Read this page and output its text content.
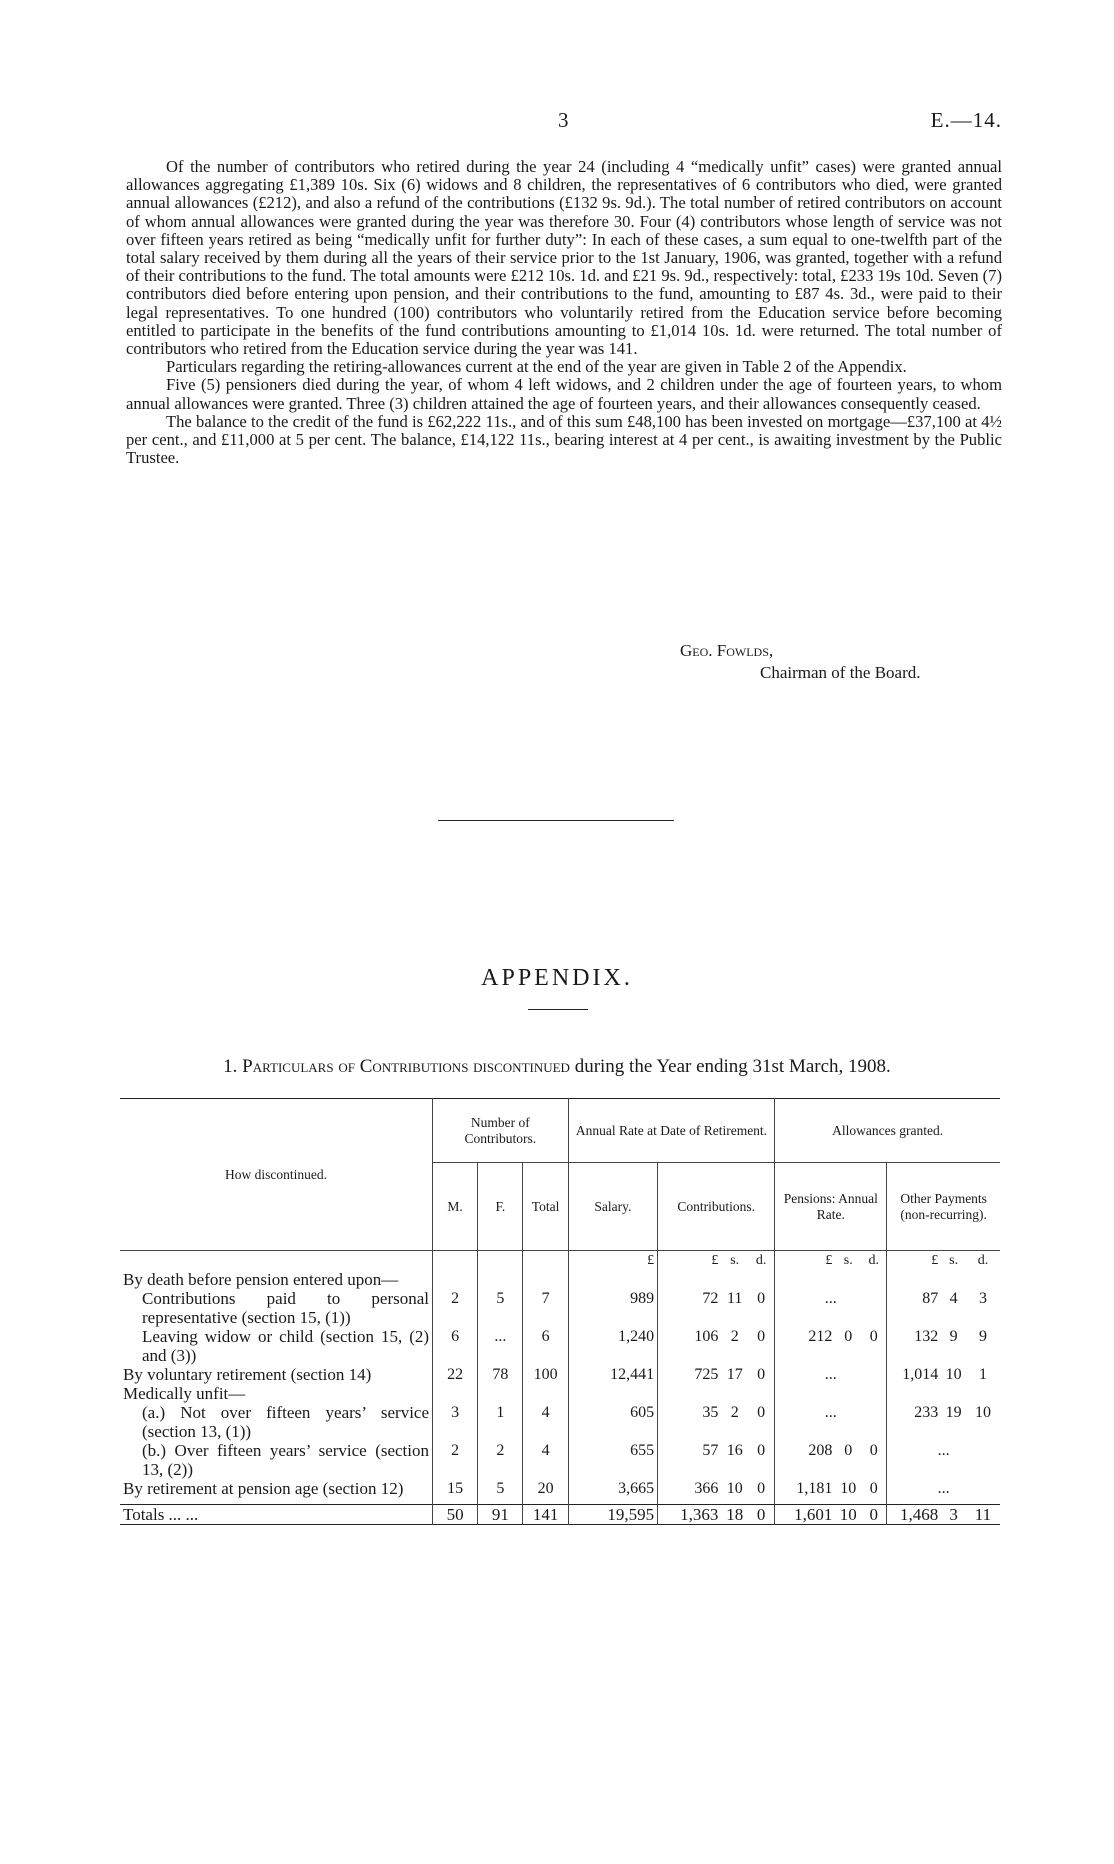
3	E.—14.

Of the number of contributors who retired during the year 24 (including 4 “medically unfit” cases) were granted annual allowances aggregating £1,389 10s. Six (6) widows and 8 children, the representatives of 6 contributors who died, were granted annual allowances (£212), and also a refund of the contributions (£132 9s. 9d.). The total number of retired contributors on account of whom annual allowances were granted during the year was therefore 30. Four (4) contributors whose length of service was not over fifteen years retired as being “medically unfit for further duty”: In each of these cases, a sum equal to one-twelfth part of the total salary received by them during all the years of their service prior to the 1st January, 1906, was granted, together with a refund of their contributions to the fund. The total amounts were £212 10s. 1d. and £21 9s. 9d., respectively: total, £233 19s 10d. Seven (7) contributors died before entering upon pension, and their contributions to the fund, amounting to £87 4s. 3d., were paid to their legal representatives. To one hundred (100) contributors who voluntarily retired from the Education service before becoming entitled to participate in the benefits of the fund contributions amounting to £1,014 10s. 1d. were returned. The total number of contributors who retired from the Education service during the year was 141.

Particulars regarding the retiring-allowances current at the end of the year are given in Table 2 of the Appendix.

Five (5) pensioners died during the year, of whom 4 left widows, and 2 children under the age of fourteen years, to whom annual allowances were granted. Three (3) children attained the age of fourteen years, and their allowances consequently ceased.

The balance to the credit of the fund is £62,222 11s., and of this sum £48,100 has been invested on mortgage—£37,100 at 4½ per cent., and £11,000 at 5 per cent. The balance, £14,122 11s., bearing interest at 4 per cent., is awaiting investment by the Public Trustee.

Geo. Fowlds,
Chairman of the Board.
APPENDIX.
1. Particulars of Contributions discontinued during the Year ending 31st March, 1908.
How discontinued.	Number of Contributors.			Annual Rate at Date of Retirement.				Allowances granted.					
	M.	F.	Total	Salary.	Contributions.			Pensions: Annual Rate.			Other Payments (non-recurring).		
				£	£	s.	d.	£	s.	d.	£	s.	d.
By death before pension entered upon—													
Contributions paid to personal representative (section 15, (1))	2	5	7	989	72	11	0	...			87	4	3
Leaving widow or child (section 15, (2) and (3))	6	...	6	1,240	106	2	0	212	0	0	132	9	9
By voluntary retirement (section 14)	22	78	100	12,441	725	17	0	...			1,014	10	1
Medically unfit—													
(a.) Not over fifteen years’ service (section 13, (1))	3	1	4	605	35	2	0	...			233	19	10
(b.) Over fifteen years’ service (section 13, (2))	2	2	4	655	57	16	0	208	0	0	...		
By retirement at pension age (section 12)	15	5	20	3,665	366	10	0	1,181	10	0	...		

Totals ... ...	50	91	141	19,595	1,363	18	0	1,601	10	0	1,468	3	11
